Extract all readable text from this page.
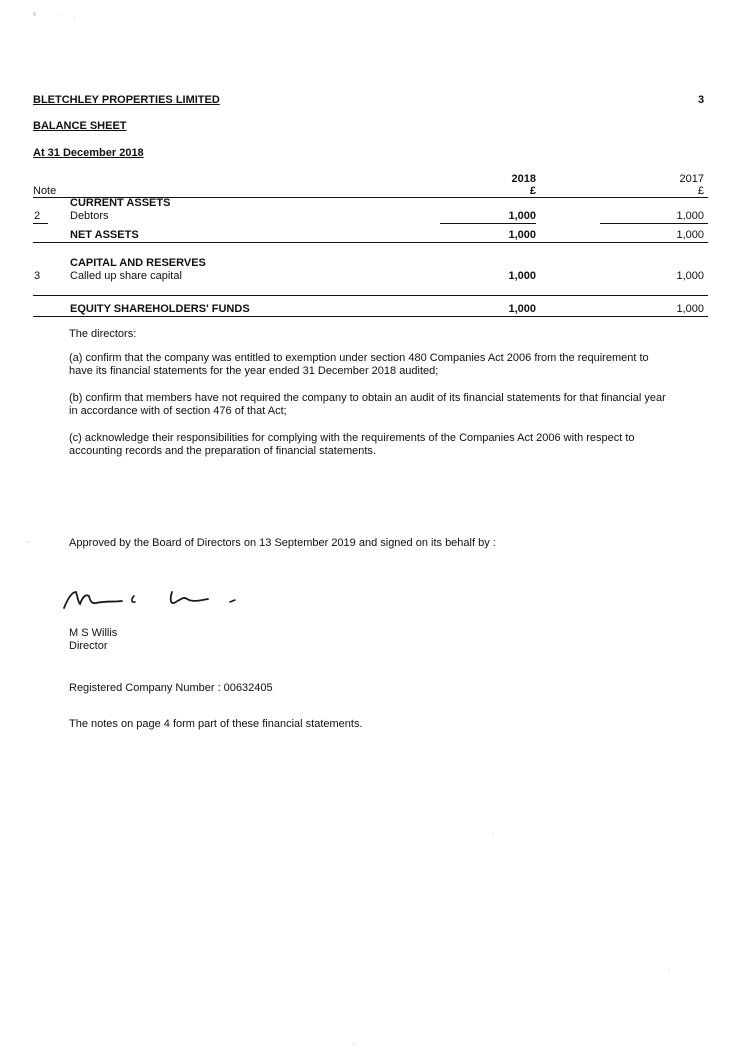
ᵘ	· ˌ
BLETCHLEY PROPERTIES LIMITED	3
BALANCE SHEET
At 31 December 2018
2018	2017
Note	£	£
CURRENT ASSETS
2	Debtors	1,000	1,000
NET ASSETS	1,000	1,000
CAPITAL AND RESERVES
3	Called up share capital	1,000	1,000
EQUITY SHAREHOLDERS' FUNDS	1,000	1,000
The directors:
(a) confirm that the company was entitled to exemption under section 480 Companies Act 2006 from the requirement to have its financial statements for the year ended 31 December 2018 audited;
(b) confirm that members have not required the company to obtain an audit of its financial statements for that financial year in accordance with of section 476 of that Act;
(c) acknowledge their responsibilities for complying with the requirements of the Companies Act 2006 with respect to accounting records and the preparation of financial statements.
··	Approved by the Board of Directors on 13 September 2019 and signed on its behalf by :
M S Willis
Director
Registered Company Number : 00632405
The notes on page 4 form part of these financial statements.
·
·
·
